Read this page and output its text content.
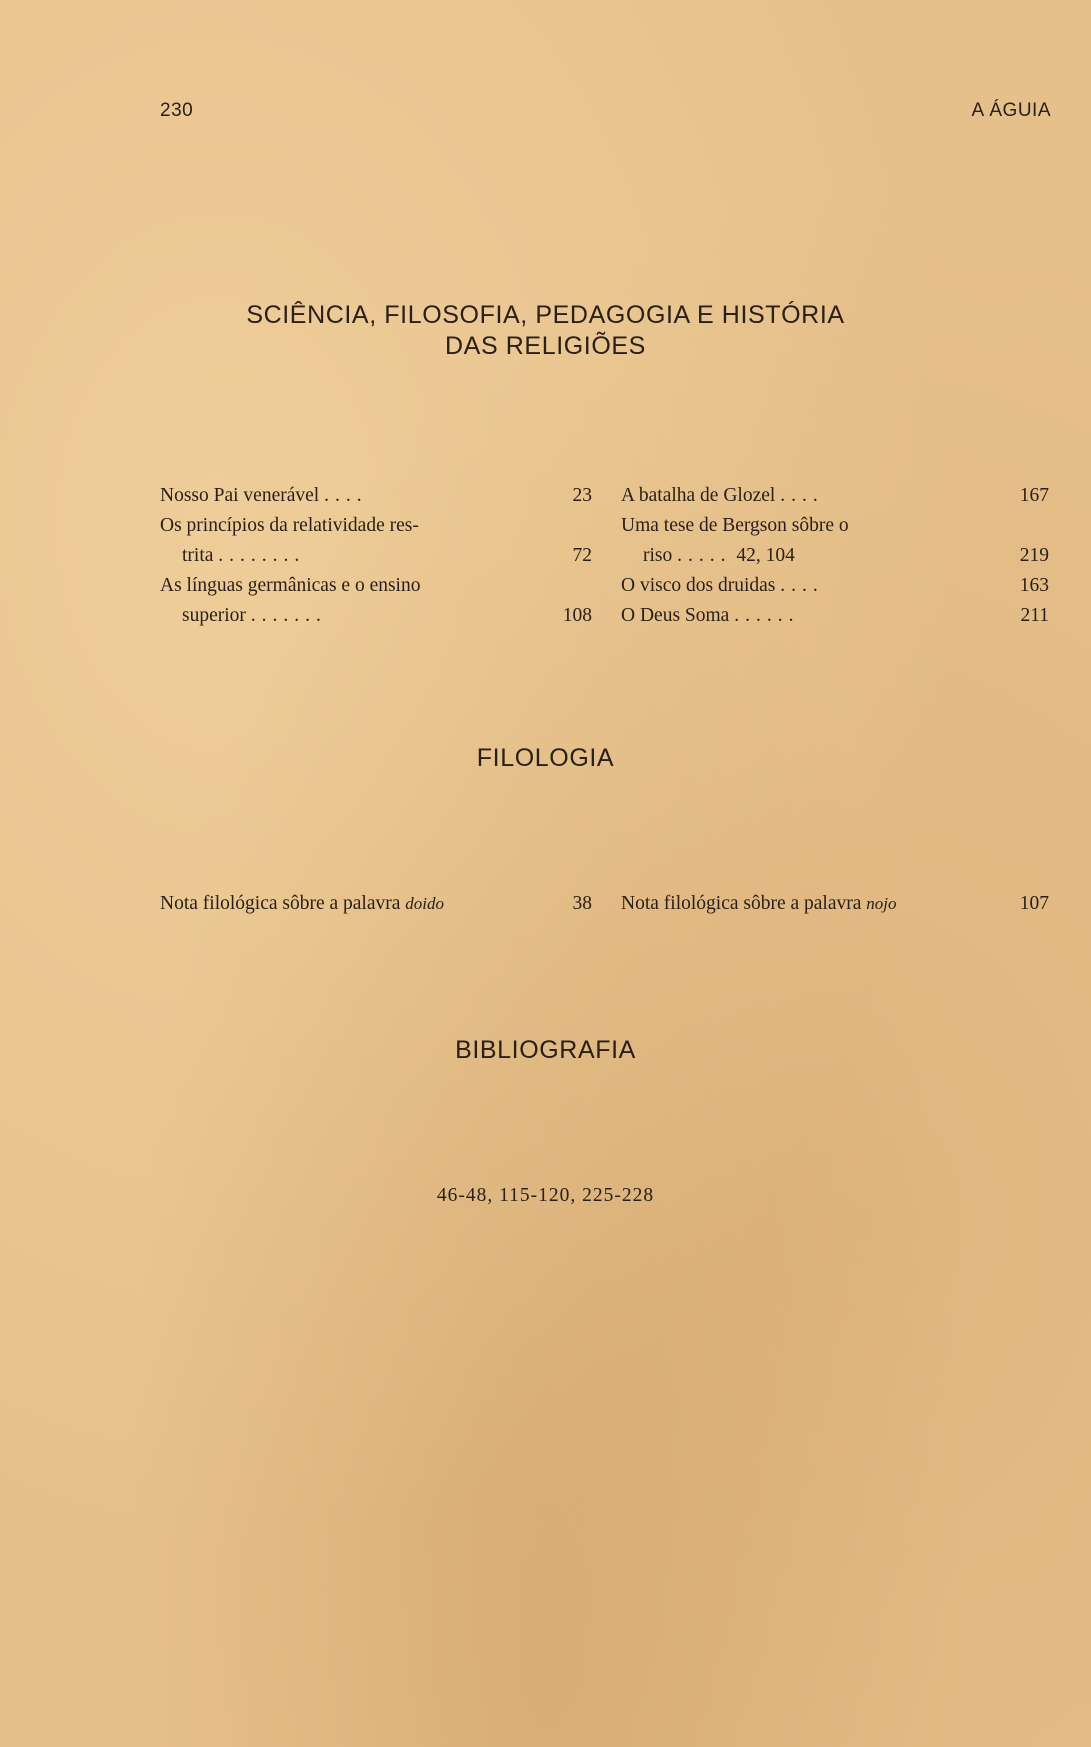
230	A ÁGUIA
SCIÊNCIA, FILOSOFIA, PEDAGOGIA E HISTÓRIA
DAS RELIGIÕES
Nosso Pai venerável ....	23
Os princípios da relatividade res-
trita ........	72
As línguas germânicas e o ensino
superior .......	108
A batalha de Glozel ....	167
Uma tese de Bergson sôbre o
riso ..... 42, 104	219
O visco dos druidas ....	163
O Deus Soma ......	211
FILOLOGIA
Nota filológica sôbre a palavra doido	38 Nota filológica sôbre a palavra nojo	107
BIBLIOGRAFIA
46-48, 115-120, 225-228
